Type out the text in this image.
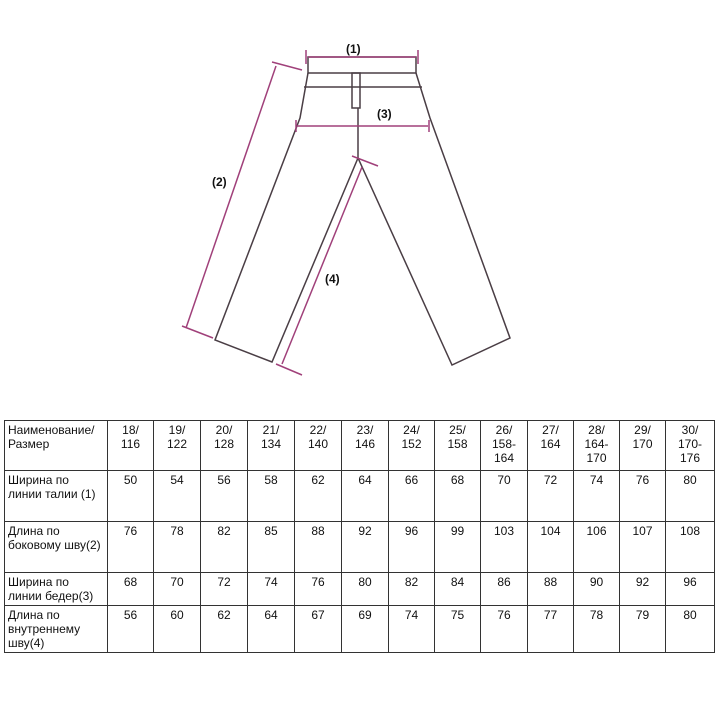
(1)
(2)
(3)
(4)
Наименование/ Размер	18/ 116	19/ 122	20/ 128	21/ 134	22/ 140	23/ 146	24/ 152	25/ 158	26/ 158- 164	27/ 164	28/ 164- 170	29/ 170	30/ 170- 176
Ширина по линии талии (1)	50	54	56	58	62	64	66	68	70	72	74	76	80
Длина по боковому шву(2)	76	78	82	85	88	92	96	99	103	104	106	107	108
Ширина по линии бедер(3)	68	70	72	74	76	80	82	84	86	88	90	92	96
Длина по внутреннему шву(4)	56	60	62	64	67	69	74	75	76	77	78	79	80
